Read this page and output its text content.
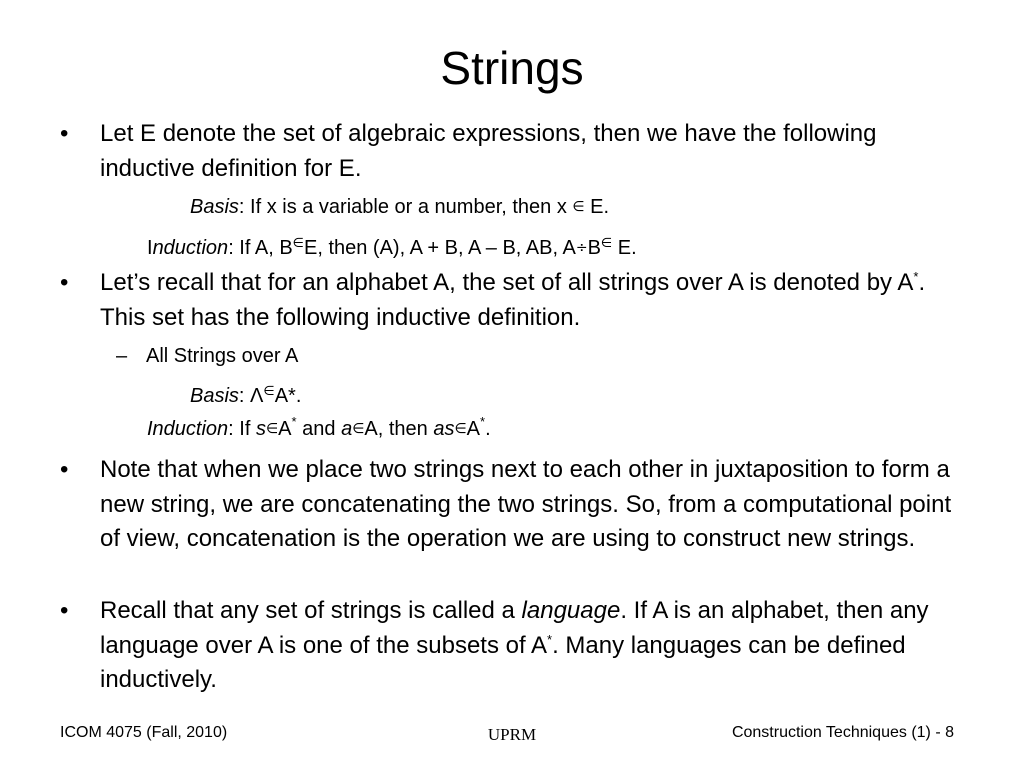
Strings
• Let E denote the set of algebraic expressions, then we have the following inductive definition for E.
Basis: If x is a variable or a number, then x ∈ E.
Induction: If A, B∈E, then (A), A + B, A – B, AB, A÷B∈ E.
• Let’s recall that for an alphabet A, the set of all strings over A is denoted by A*. This set has the following inductive definition.
– All Strings over A
Basis: Λ∈A*.
Induction: If s∈A* and a∈A, then as∈A*.
• Note that when we place two strings next to each other in juxtaposition to form a new string, we are concatenating the two strings. So, from a computational point of view, concatenation is the operation we are using to construct new strings.
• Recall that any set of strings is called a language. If A is an alphabet, then any language over A is one of the subsets of A*. Many languages can be defined inductively.
ICOM 4075 (Fall, 2010)	UPRM	Construction Techniques (1) - 8
